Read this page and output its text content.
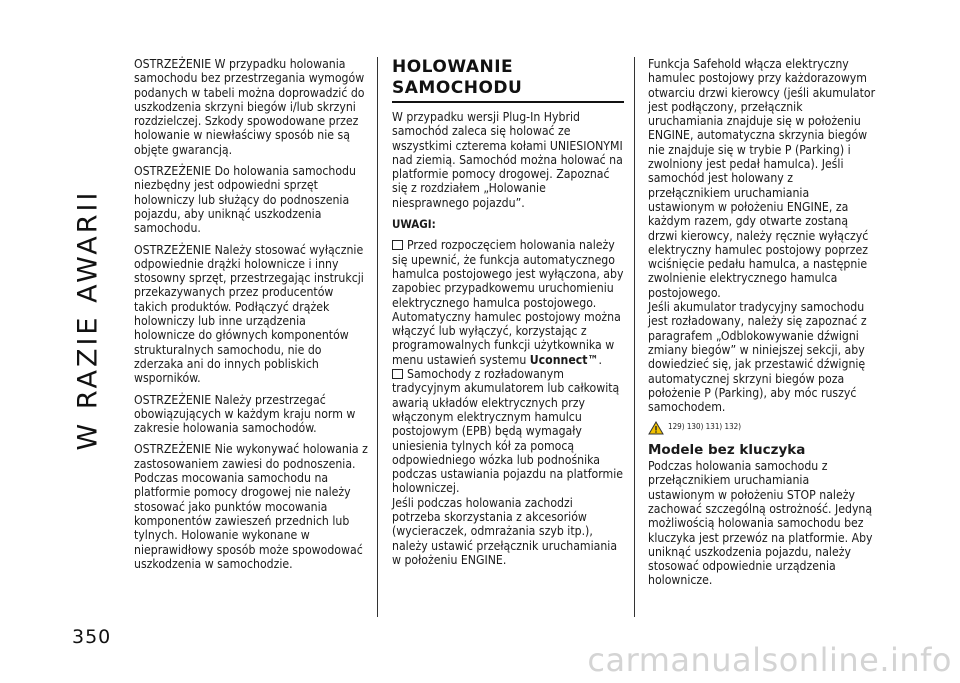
W RAZIE AWARII

OSTRZEŻENIE W przypadku holowania samochodu bez przestrzegania wymogów podanych w tabeli można doprowadzić do uszkodzenia skrzyni biegów i/lub skrzyni rozdzielczej. Szkody spowodowane przez holowanie w niewłaściwy sposób nie są objęte gwarancją.

OSTRZEŻENIE Do holowania samochodu niezbędny jest odpowiedni sprzęt holowniczy lub służący do podnoszenia pojazdu, aby uniknąć uszkodzenia samochodu.

OSTRZEŻENIE Należy stosować wyłącznie odpowiednie drążki holownicze i inny stosowny sprzęt, przestrzegając instrukcji przekazywanych przez producentów takich produktów. Podłączyć drążek holowniczy lub inne urządzenia holownicze do głównych komponentów strukturalnych samochodu, nie do zderzaka ani do innych pobliskich wsporników.

OSTRZEŻENIE Należy przestrzegać obowiązujących w każdym kraju norm w zakresie holowania samochodów.

OSTRZEŻENIE Nie wykonywać holowania z zastosowaniem zawiesi do podnoszenia. Podczas mocowania samochodu na platformie pomocy drogowej nie należy stosować jako punktów mocowania komponentów zawieszeń przednich lub tylnych. Holowanie wykonane w nieprawidłowy sposób może spowodować uszkodzenia w samochodzie.

HOLOWANIE
SAMOCHODU

W przypadku wersji Plug-In Hybrid samochód zaleca się holować ze wszystkimi czterema kołami UNIESIONYMI nad ziemią. Samochód można holować na platformie pomocy drogowej. Zapoznać się z rozdziałem „Holowanie niesprawnego pojazdu”.

UWAGI:

Przed rozpoczęciem holowania należy się upewnić, że funkcja automatycznego hamulca postojowego jest wyłączona, aby zapobiec przypadkowemu uruchomieniu elektrycznego hamulca postojowego. Automatyczny hamulec postojowy można włączyć lub wyłączyć, korzystając z programowalnych funkcji użytkownika w menu ustawień systemu Uconnect™.

Samochody z rozładowanym tradycyjnym akumulatorem lub całkowitą awarią układów elektrycznych przy włączonym elektrycznym hamulcu postojowym (EPB) będą wymagały uniesienia tylnych kół za pomocą odpowiedniego wózka lub podnośnika podczas ustawiania pojazdu na platformie holowniczej.

Jeśli podczas holowania zachodzi potrzeba skorzystania z akcesoriów (wycieraczek, odmrażania szyb itp.), należy ustawić przełącznik uruchamiania w położeniu ENGINE.

Funkcja Safehold włącza elektryczny hamulec postojowy przy każdorazowym otwarciu drzwi kierowcy (jeśli akumulator jest podłączony, przełącznik uruchamiania znajduje się w położeniu ENGINE, automatyczna skrzynia biegów nie znajduje się w trybie P (Parking) i zwolniony jest pedał hamulca). Jeśli samochód jest holowany z przełącznikiem uruchamiania ustawionym w położeniu ENGINE, za każdym razem, gdy otwarte zostaną drzwi kierowcy, należy ręcznie wyłączyć elektryczny hamulec postojowy poprzez wciśnięcie pedału hamulca, a następnie zwolnienie elektrycznego hamulca postojowego.

Jeśli akumulator tradycyjny samochodu jest rozładowany, należy się zapoznać z paragrafem „Odblokowywanie dźwigni zmiany biegów” w niniejszej sekcji, aby dowiedzieć się, jak przestawić dźwignię automatycznej skrzyni biegów poza położenie P (Parking), aby móc ruszyć samochodem.

129) 130) 131) 132)
Modele bez kluczyka

Podczas holowania samochodu z przełącznikiem uruchamiania ustawionym w położeniu STOP należy zachować szczególną ostrożność. Jedyną możliwością holowania samochodu bez kluczyka jest przewóz na platformie. Aby uniknąć uszkodzenia pojazdu, należy stosować odpowiednie urządzenia holownicze.

350
carmanualsonline.info
